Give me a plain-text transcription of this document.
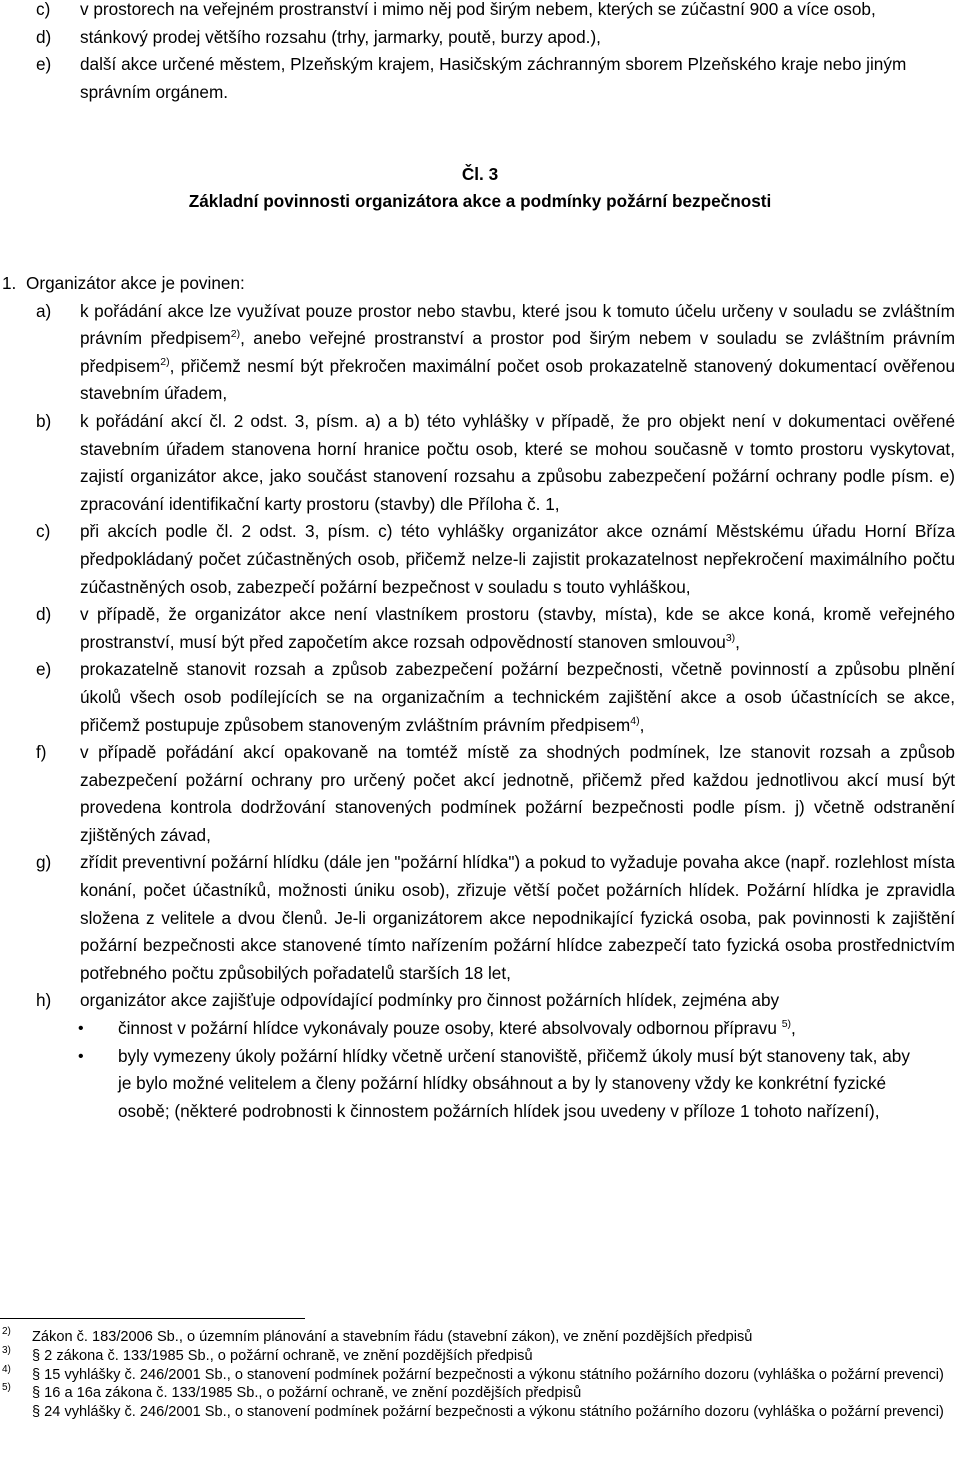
c) v prostorech na veřejném prostranství i mimo něj pod širým nebem, kterých se zúčastní 900 a více osob,
d) stánkový prodej většího rozsahu (trhy, jarmarky, poutě, burzy apod.),
e) další akce určené městem, Plzeňským krajem, Hasičským záchranným sborem Plzeňského kraje nebo jiným správním orgánem.
Čl. 3
Základní povinnosti organizátora akce a podmínky požární bezpečnosti
1. Organizátor akce je povinen:
a) k pořádání akce lze využívat pouze prostor nebo stavbu, které jsou k tomuto účelu určeny v souladu se zvláštním právním předpisem$^{2)}$, anebo veřejné prostranství a prostor pod širým nebem v souladu se zvláštním právním předpisem$^{2)}$, přičemž nesmí být překročen maximální počet osob prokazatelně stanovený dokumentací ověřenou stavebním úřadem,
b) k pořádání akcí čl. 2 odst. 3, písm. a) a b) této vyhlášky v případě, že pro objekt není v dokumentaci ověřené stavebním úřadem stanovena horní hranice počtu osob, které se mohou současně v tomto prostoru vyskytovat, zajistí organizátor akce, jako součást stanovení rozsahu a způsobu zabezpečení požární ochrany podle písm. e) zpracování identifikační karty prostoru (stavby) dle Příloha č. 1,
c) při akcích podle čl. 2 odst. 3, písm. c) této vyhlášky organizátor akce oznámí Městskému úřadu Horní Bříza předpokládaný počet zúčastněných osob, přičemž nelze-li zajistit prokazatelnost nepřekročení maximálního počtu zúčastněných osob, zabezpečí požární bezpečnost v souladu s touto vyhláškou,
d) v případě, že organizátor akce není vlastníkem prostoru (stavby, místa), kde se akce koná, kromě veřejného prostranství, musí být před započetím akce rozsah odpovědností stanoven smlouvou$^{3)}$,
e) prokazatelně stanovit rozsah a způsob zabezpečení požární bezpečnosti, včetně povinností a způsobu plnění úkolů všech osob podílejících se na organizačním a technickém zajištění akce a osob účastnících se akce, přičemž postupuje způsobem stanoveným zvláštním právním předpisem$^{4)}$,
f) v případě pořádání akcí opakovaně na tomtéž místě za shodných podmínek, lze stanovit rozsah a způsob zabezpečení požární ochrany pro určený počet akcí jednotně, přičemž před každou jednotlivou akcí musí být provedena kontrola dodržování stanovených podmínek požární bezpečnosti podle písm. j) včetně odstranění zjištěných závad,
g) zřídit preventivní požární hlídku (dále jen "požární hlídka") a pokud to vyžaduje povaha akce (např. rozlehlost místa konání, počet účastníků, možnosti úniku osob), zřizuje větší počet požárních hlídek. Požární hlídka je zpravidla složena z velitele a dvou členů. Je-li organizátorem akce nepodnikající fyzická osoba, pak povinnosti k zajištění požární bezpečnosti akce stanovené tímto nařízením požární hlídce zabezpečí tato fyzická osoba prostřednictvím potřebného počtu způsobilých pořadatelů starších 18 let,
h) organizátor akce zajišťuje odpovídající podmínky pro činnost požárních hlídek, zejména aby
• činnost v požární hlídce vykonávaly pouze osoby, které absolvovaly odbornou přípravu $^{5)}$,
• byly vymezeny úkoly požární hlídky včetně určení stanoviště, přičemž úkoly musí být stanoveny tak, aby je bylo možné velitelem a členy požární hlídky obsáhnout a by ly stanoveny vždy ke konkrétní fyzické osobě; (některé podrobnosti k činnostem požárních hlídek jsou uvedeny v příloze 1 tohoto nařízení),
2) Zákon č. 183/2006 Sb., o územním plánování a stavebním řádu (stavební zákon), ve znění pozdějších předpisů
3) § 2 zákona č. 133/1985 Sb., o požární ochraně, ve znění pozdějších předpisů
4) § 15 vyhlášky č. 246/2001 Sb., o stanovení podmínek požární bezpečnosti a výkonu státního požárního dozoru (vyhláška o požární prevenci)
5) § 16 a 16a zákona č. 133/1985 Sb., o požární ochraně, ve znění pozdějších předpisů
§ 24 vyhlášky č. 246/2001 Sb., o stanovení podmínek požární bezpečnosti a výkonu státního požárního dozoru (vyhláška o požární prevenci)
